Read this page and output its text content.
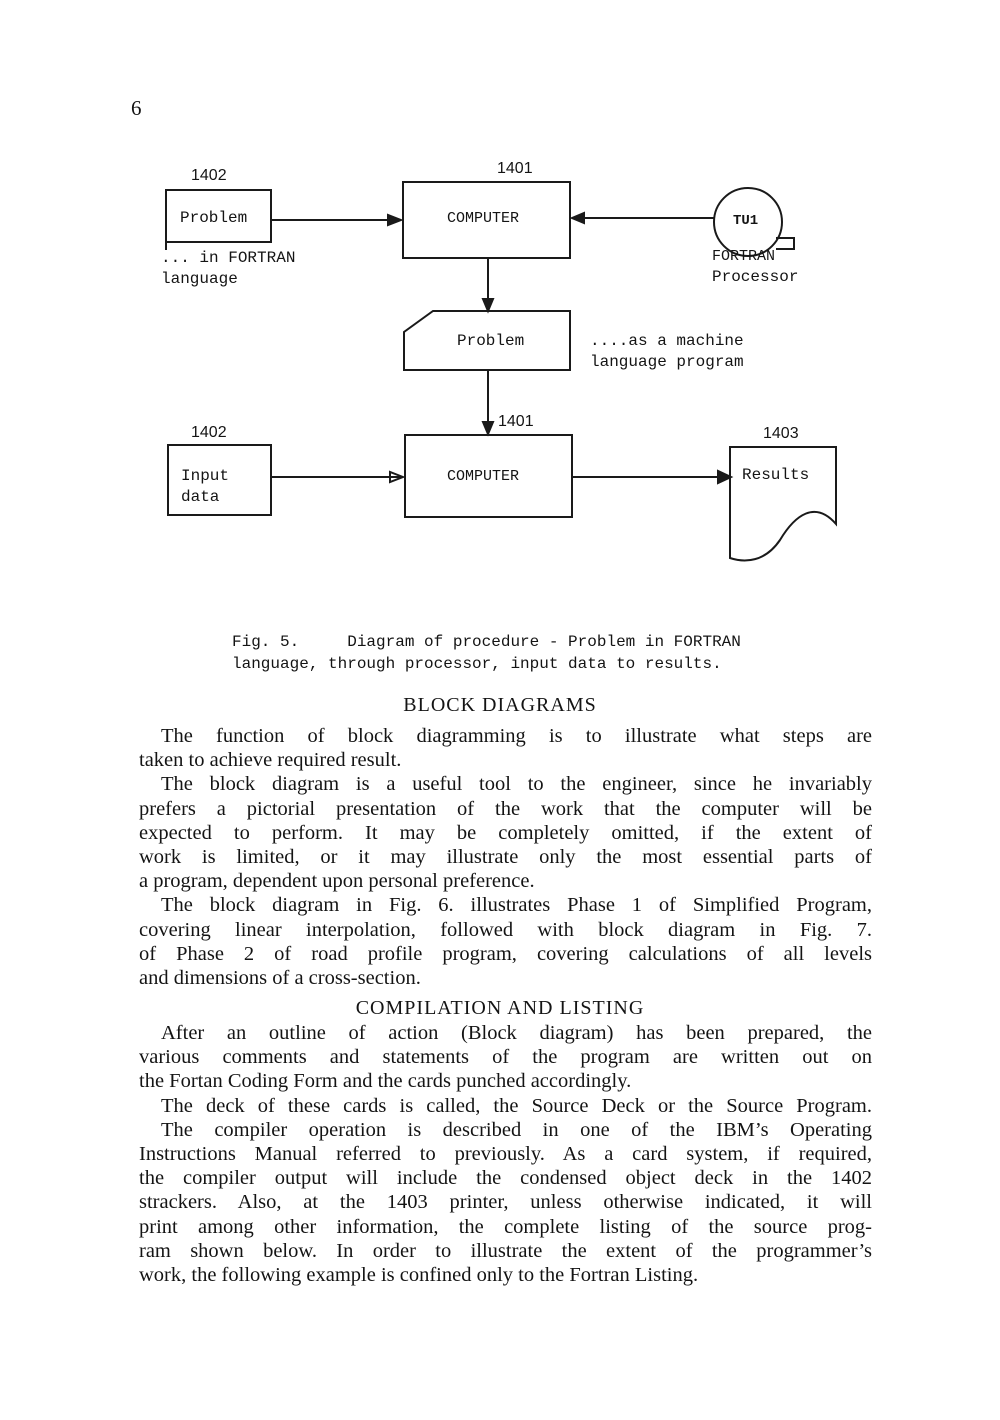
6
1402
Problem
... in FORTRAN
language
1401
COMPUTER	TU1
FORTRAN
Processor
Problem	....as a machine
language program
1402
Input
data
1401
COMPUTER
1403
Results
Fig. 5.     Diagram of procedure - Problem in FORTRAN
language, through processor, input data to results.
BLOCK DIAGRAMS
The function of block diagramming is to illustrate what steps are
taken to achieve required result.
The block diagram is a useful tool to the engineer, since he invariably
prefers a pictorial presentation of the work that the computer will be
expected to perform. It may be completely omitted, if the extent of
work is limited, or it may illustrate only the most essential parts of
a program, dependent upon personal preference.
The block diagram in Fig. 6. illustrates Phase 1 of Simplified Program,
covering linear interpolation, followed with block diagram in Fig. 7.
of Phase 2 of road profile program, covering calculations of all levels
and dimensions of a cross-section.
COMPILATION AND LISTING
After an outline of action (Block diagram) has been prepared, the
various comments and statements of the program are written out on
the Fortan Coding Form and the cards punched accordingly.
The deck of these cards is called, the Source Deck or the Source Program.
The compiler operation is described in one of the IBM’s Operating
Instructions Manual referred to previously. As a card system, if required,
the compiler output will include the condensed object deck in the 1402
strackers. Also, at the 1403 printer, unless otherwise indicated, it will
print among other information, the complete listing of the source prog-
ram shown below. In order to illustrate the extent of the programmer’s
work, the following example is confined only to the Fortran Listing.
